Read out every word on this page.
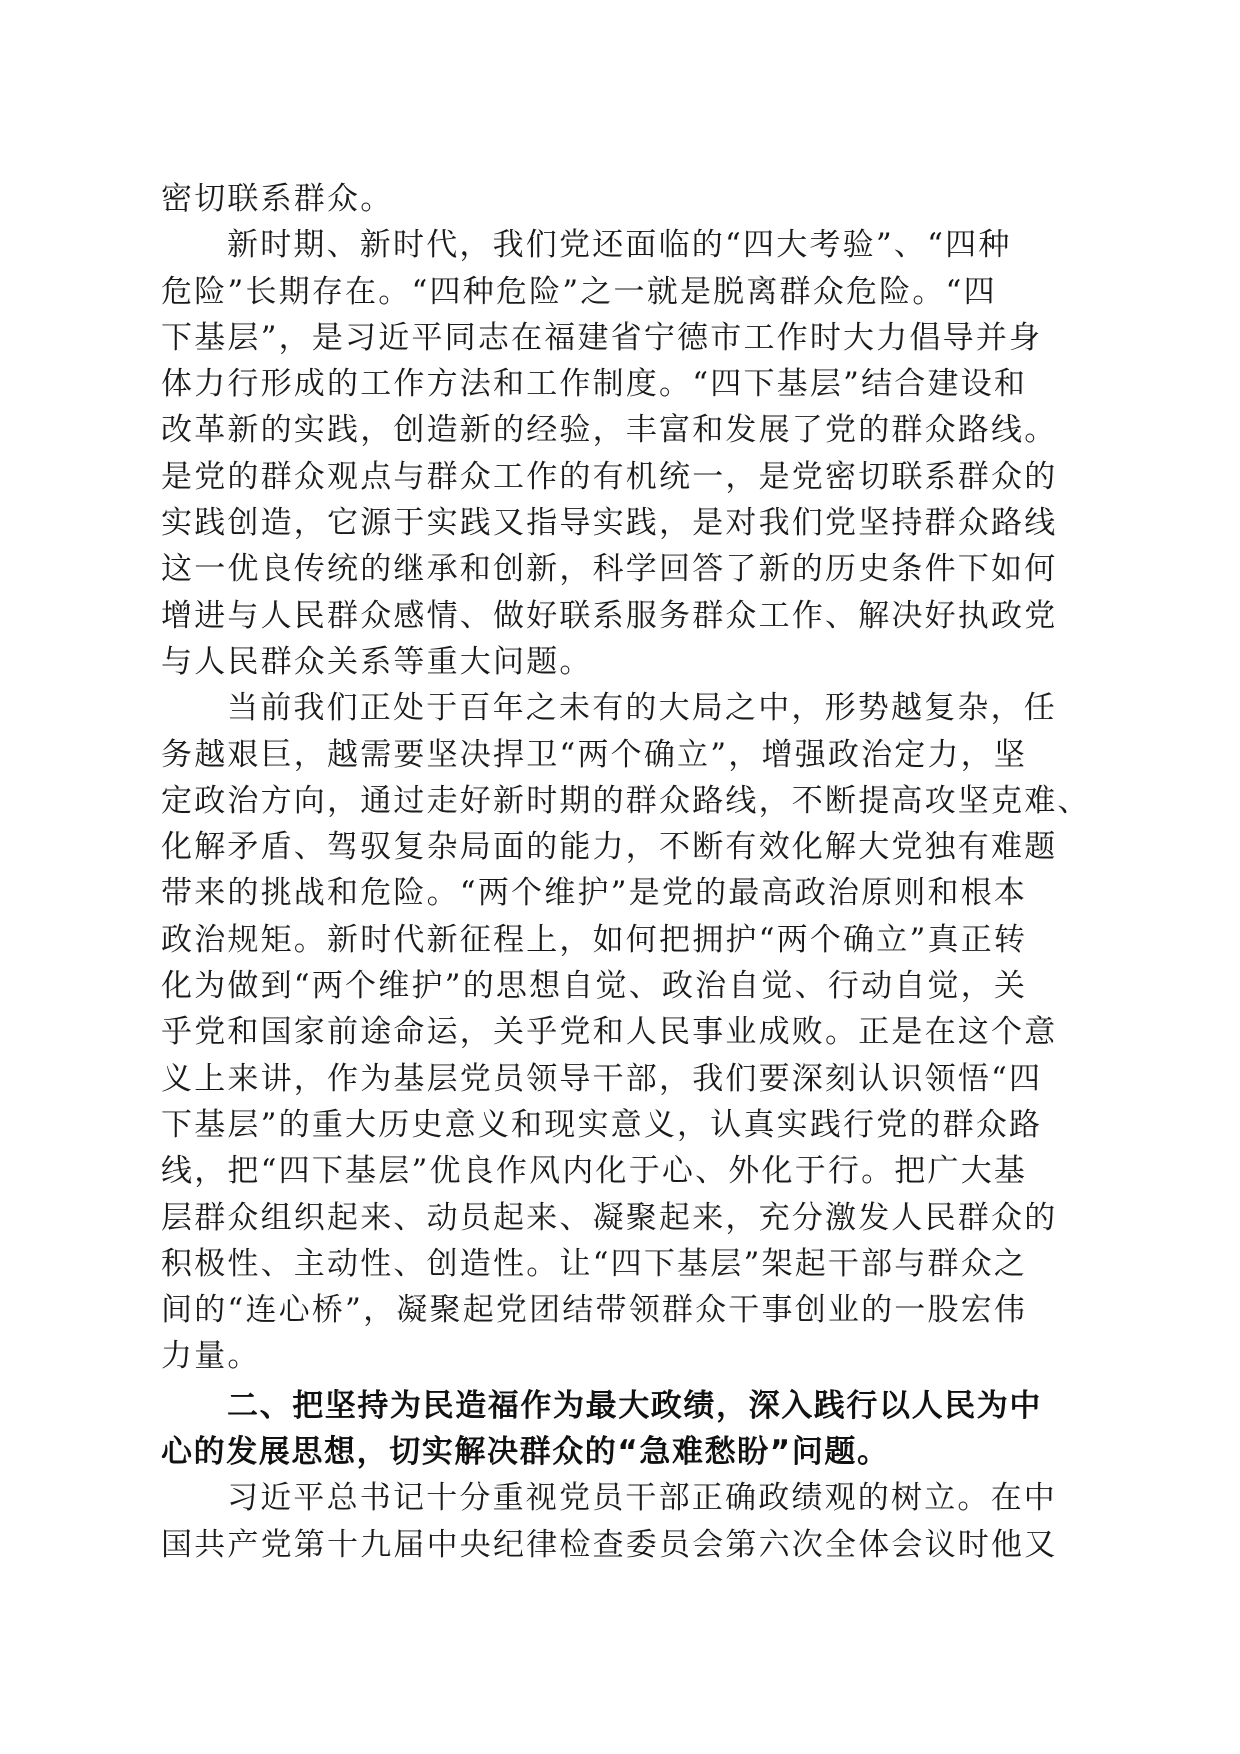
密切联系群众。
新时期、新时代，我们党还面临的“四大考验”、“四种
危险”长期存在。“四种危险”之一就是脱离群众危险。“四
下基层”，是习近平同志在福建省宁德市工作时大力倡导并身
体力行形成的工作方法和工作制度。“四下基层”结合建设和
改革新的实践，创造新的经验，丰富和发展了党的群众路线。
是党的群众观点与群众工作的有机统一，是党密切联系群众的
实践创造，它源于实践又指导实践，是对我们党坚持群众路线
这一优良传统的继承和创新，科学回答了新的历史条件下如何
增进与人民群众感情、做好联系服务群众工作、解决好执政党
与人民群众关系等重大问题。
当前我们正处于百年之未有的大局之中，形势越复杂，任
务越艰巨，越需要坚决捍卫“两个确立”，增强政治定力，坚
定政治方向，通过走好新时期的群众路线，不断提高攻坚克难、
化解矛盾、驾驭复杂局面的能力，不断有效化解大党独有难题
带来的挑战和危险。“两个维护”是党的最高政治原则和根本
政治规矩。新时代新征程上，如何把拥护“两个确立”真正转
化为做到“两个维护”的思想自觉、政治自觉、行动自觉，关
乎党和国家前途命运，关乎党和人民事业成败。正是在这个意
义上来讲，作为基层党员领导干部，我们要深刻认识领悟“四
下基层”的重大历史意义和现实意义，认真实践行党的群众路
线，把“四下基层”优良作风内化于心、外化于行。把广大基
层群众组织起来、动员起来、凝聚起来，充分激发人民群众的
积极性、主动性、创造性。让“四下基层”架起干部与群众之
间的“连心桥”，凝聚起党团结带领群众干事创业的一股宏伟
力量。
二、把坚持为民造福作为最大政绩，深入践行以人民为中
心的发展思想，切实解决群众的“急难愁盼”问题。
习近平总书记十分重视党员干部正确政绩观的树立。在中
国共产党第十九届中央纪律检查委员会第六次全体会议时他又
